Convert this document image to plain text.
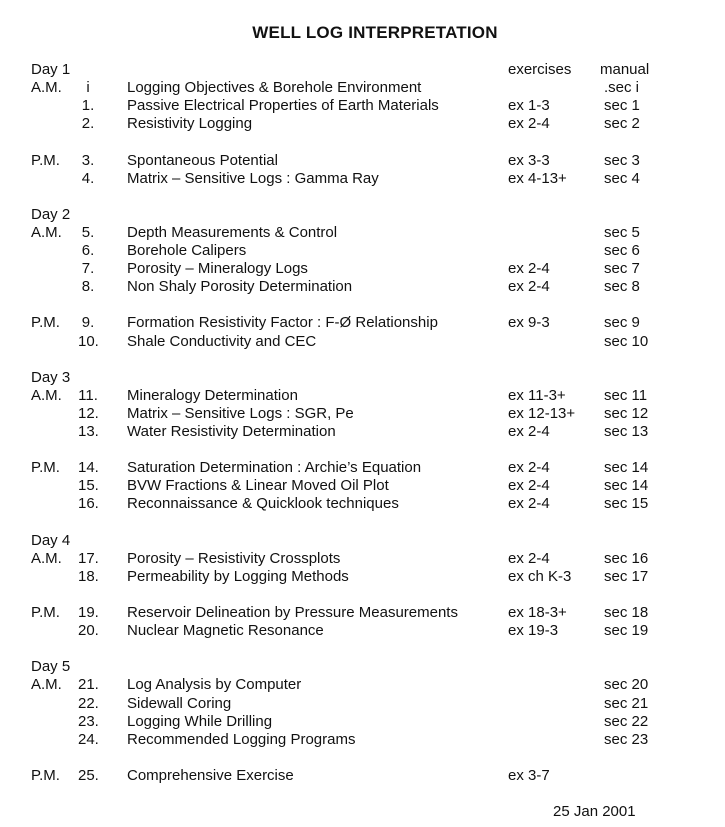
WELL LOG INTERPRETATION
exercises manual
Day 1
A.M.	i	Logging Objectives & Borehole Environment	.sec i
1. Passive Electrical Properties of Earth Materials	ex 1-3	sec 1
2. Resistivity Logging	ex 2-4	sec 2
P.M. 3. Spontaneous Potential	ex 3-3	sec 3
4. Matrix – Sensitive Logs : Gamma Ray	ex 4-13+ sec 4
Day 2
A.M. 5. Depth Measurements & Control	sec 5
6. Borehole Calipers	sec 6
7. Porosity – Mineralogy Logs	ex 2-4	sec 7
8. Non Shaly Porosity Determination	ex 2-4	sec 8
P.M. 9. Formation Resistivity Factor : F-Ø Relationship	ex 9-3	sec 9
10. Shale Conductivity and CEC	sec 10
Day 3
A.M. 11. Mineralogy Determination	ex 11-3+	sec 11
12. Matrix – Sensitive Logs : SGR, Pe	ex 12-13+ sec 12
13. Water Resistivity Determination	ex 2-4	sec 13
P.M. 14. Saturation Determination : Archie’s Equation	ex 2-4	sec 14
15. BVW Fractions & Linear Moved Oil Plot	ex 2-4	sec 14
16. Reconnaissance & Quicklook techniques	ex 2-4	sec 15
Day 4
A.M. 17. Porosity – Resistivity Crossplots	ex 2-4	sec 16
18. Permeability by Logging Methods	ex ch K-3 sec 17
P.M. 19. Reservoir Delineation by Pressure Measurements	ex 18-3+ sec 18
20. Nuclear Magnetic Resonance	ex 19-3	sec 19
Day 5
A.M. 21. Log Analysis by Computer	sec 20
22. Sidewall Coring	sec 21
23. Logging While Drilling	sec 22
24. Recommended Logging Programs	sec 23
P.M. 25. Comprehensive Exercise	ex 3-7
25 Jan 2001
